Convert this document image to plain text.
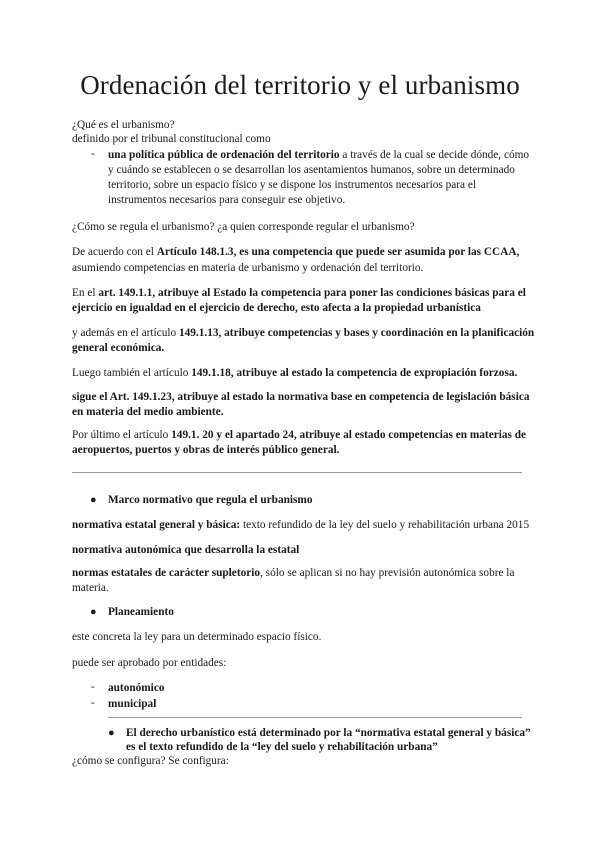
Ordenación del territorio y el urbanismo
¿Qué es el urbanismo?
definido por el tribunal constitucional como
- una política pública de ordenación del territorio a través de la cual se decide dónde, cómo
y cuándo se establecen o se desarrollan los asentamientos humanos, sobre un determinado
territorio, sobre un espacio físico y se dispone los instrumentos necesarios para el
instrumentos necesarios para conseguir ese objetivo.
¿Cómo se regula el urbanismo? ¿a quien corresponde regular el urbanismo?
De acuerdo con el Artículo 148.1.3, es una competencia que puede ser asumida por las CCAA,
asumiendo competencias en materia de urbanismo y ordenación del territorio.
En el art. 149.1.1, atribuye al Estado la competencia para poner las condiciones básicas para el
ejercicio en igualdad en el ejercicio de derecho, esto afecta a la propiedad urbanística
y además en el artículo 149.1.13, atribuye competencias y bases y coordinación en la planificación
general económica.
Luego también el artículo 149.1.18, atribuye al estado la competencia de expropiación forzosa.
sigue el Art. 149.1.23, atribuye al estado la normativa base en competencia de legislación básica
en materia del medio ambiente.
Por último el artículo 149.1. 20 y el apartado 24, atribuye al estado competencias en materias de
aeropuertos, puertos y obras de interés público general.
● Marco normativo que regula el urbanismo
normativa estatal general y básica: texto refundido de la ley del suelo y rehabilitación urbana 2015
normativa autonómica que desarrolla la estatal
normas estatales de carácter supletorio, sólo se aplican si no hay previsión autonómica sobre la
materia.
● Planeamiento
este concreta la ley para un determinado espacio físico.
puede ser aprobado por entidades:
- autonómico
- municipal
● El derecho urbanístico está determinado por la “normativa estatal general y básica”
es el texto refundido de la “ley del suelo y rehabilitación urbana”
¿cómo se configura? Se configura:
